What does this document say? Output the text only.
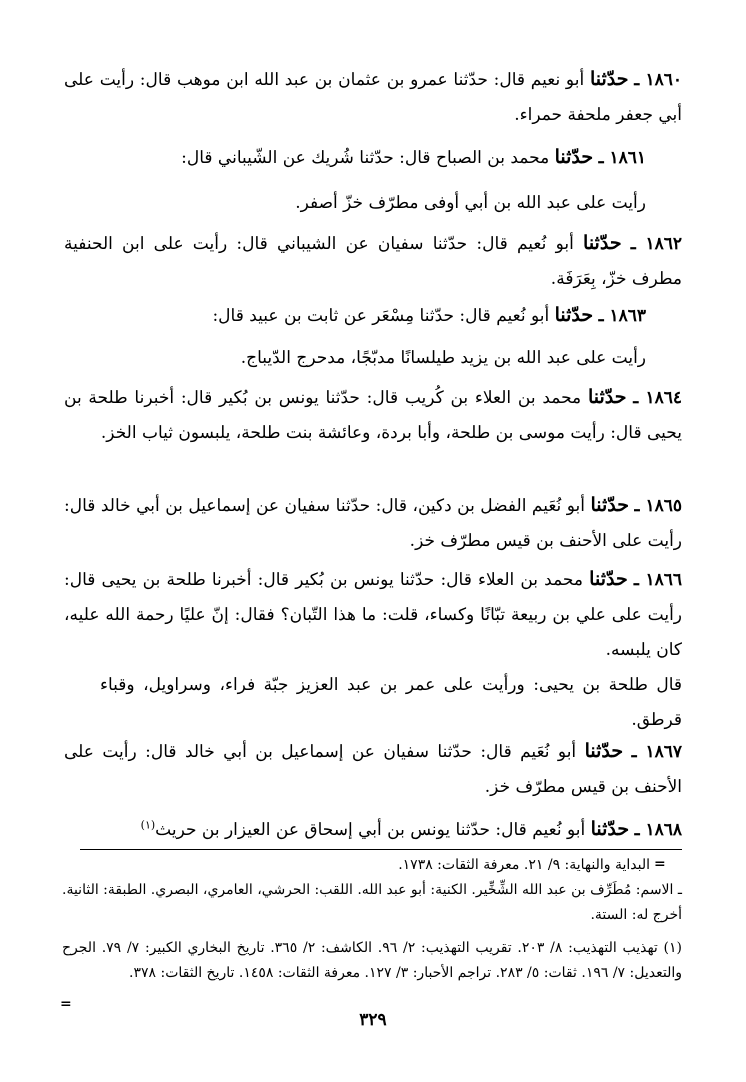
١٨٦٠ ـ حدّثنا أبو نعيم قال: حدّثنا عمرو بن عثمان بن عبد الله ابن موهب قال: رأيت على أبي جعفر ملحفة حمراء.
١٨٦١ ـ حدّثنا محمد بن الصباح قال: حدّثنا شُريك عن الشّيباني قال:
رأيت على عبد الله بن أبي أوفى مطرّف خزّ أصفر.
١٨٦٢ ـ حدّثنا أبو نُعيم قال: حدّثنا سفيان عن الشيباني قال: رأيت على ابن الحنفية مطرف خزّ، بِعَرَفَة.
١٨٦٣ ـ حدّثنا أبو نُعيم قال: حدّثنا مِسْعَر عن ثابت بن عبيد قال:
رأيت على عبد الله بن يزيد طيلسانًا مدبّجًا، مدحرج الدّيباج.
١٨٦٤ ـ حدّثنا محمد بن العلاء بن كُريب قال: حدّثنا يونس بن بُكير قال: أخبرنا طلحة بن يحيى قال: رأيت موسى بن طلحة، وأبا بردة، وعائشة بنت طلحة، يلبسون ثياب الخز.
١٨٦٥ ـ حدّثنا أبو نُعَيم الفضل بن دكين، قال: حدّثنا سفيان عن إسماعيل بن أبي خالد قال: رأيت على الأحنف بن قيس مطرّف خز.
١٨٦٦ ـ حدّثنا محمد بن العلاء قال: حدّثنا يونس بن بُكير قال: أخبرنا طلحة بن يحيى قال: رأيت على علي بن ربيعة تبّانًا وكساء، قلت: ما هذا التّبان؟ فقال: إنّ عليًا رحمة الله عليه، كان يلبسه.
قال طلحة بن يحيى: ورأيت على عمر بن عبد العزيز جبّة فراء، وسراويل، وقباء قرطق.
١٨٦٧ ـ حدّثنا أبو نُعَيم قال: حدّثنا سفيان عن إسماعيل بن أبي خالد قال: رأيت على الأحنف بن قيس مطرّف خز.
١٨٦٨ ـ حدّثنا أبو نُعيم قال: حدّثنا يونس بن أبي إسحاق عن العيزار بن حريث$^{(١)}$
=
البداية والنهاية: ٩/ ٢١. معرفة الثقات: ١٧٣٨.
ـ الاسم: مُطَرِّف بن عبد الله الشِّخِّير. الكنية: أبو عبد الله. اللقب: الحرشي، العامري، البصري. الطبقة: الثانية. أخرج له: الستة.
(١) تهذيب التهذيب: ٨/ ٢٠٣. تقريب التهذيب: ٢/ ٩٦. الكاشف: ٢/ ٣٦٥. تاريخ البخاري الكبير: ٧/ ٧٩. الجرح والتعديل: ٧/ ١٩٦. ثقات: ٥/ ٢٨٣. تراجم الأحبار: ٣/ ١٢٧. معرفة الثقات: ١٤٥٨. تاريخ الثقات: ٣٧٨.
=
٣٢٩
